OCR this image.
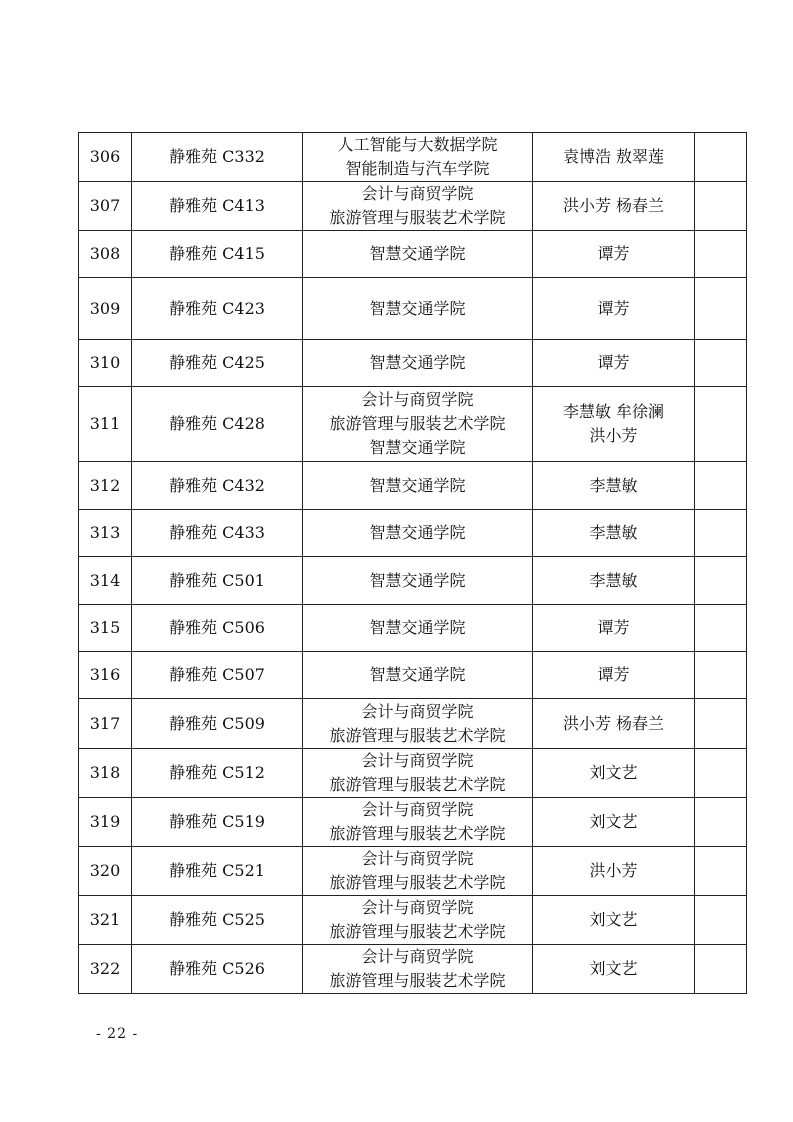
306	静雅苑 C332	人工智能与大数据学院
智能制造与汽车学院	袁博浩 敖翠莲	

307	静雅苑 C413	会计与商贸学院
旅游管理与服装艺术学院	洪小芳 杨春兰	

308	静雅苑 C415	智慧交通学院	谭芳	

309	静雅苑 C423	智慧交通学院	谭芳	

310	静雅苑 C425	智慧交通学院	谭芳	

311	静雅苑 C428	会计与商贸学院
旅游管理与服装艺术学院
智慧交通学院	李慧敏 牟徐澜
洪小芳	

312	静雅苑 C432	智慧交通学院	李慧敏	

313	静雅苑 C433	智慧交通学院	李慧敏	

314	静雅苑 C501	智慧交通学院	李慧敏	

315	静雅苑 C506	智慧交通学院	谭芳	

316	静雅苑 C507	智慧交通学院	谭芳	

317	静雅苑 C509	会计与商贸学院
旅游管理与服装艺术学院	洪小芳 杨春兰	

318	静雅苑 C512	会计与商贸学院
旅游管理与服装艺术学院	刘文艺	

319	静雅苑 C519	会计与商贸学院
旅游管理与服装艺术学院	刘文艺	

320	静雅苑 C521	会计与商贸学院
旅游管理与服装艺术学院	洪小芳	

321	静雅苑 C525	会计与商贸学院
旅游管理与服装艺术学院	刘文艺	

322	静雅苑 C526	会计与商贸学院
旅游管理与服装艺术学院	刘文艺	

- 22 -
